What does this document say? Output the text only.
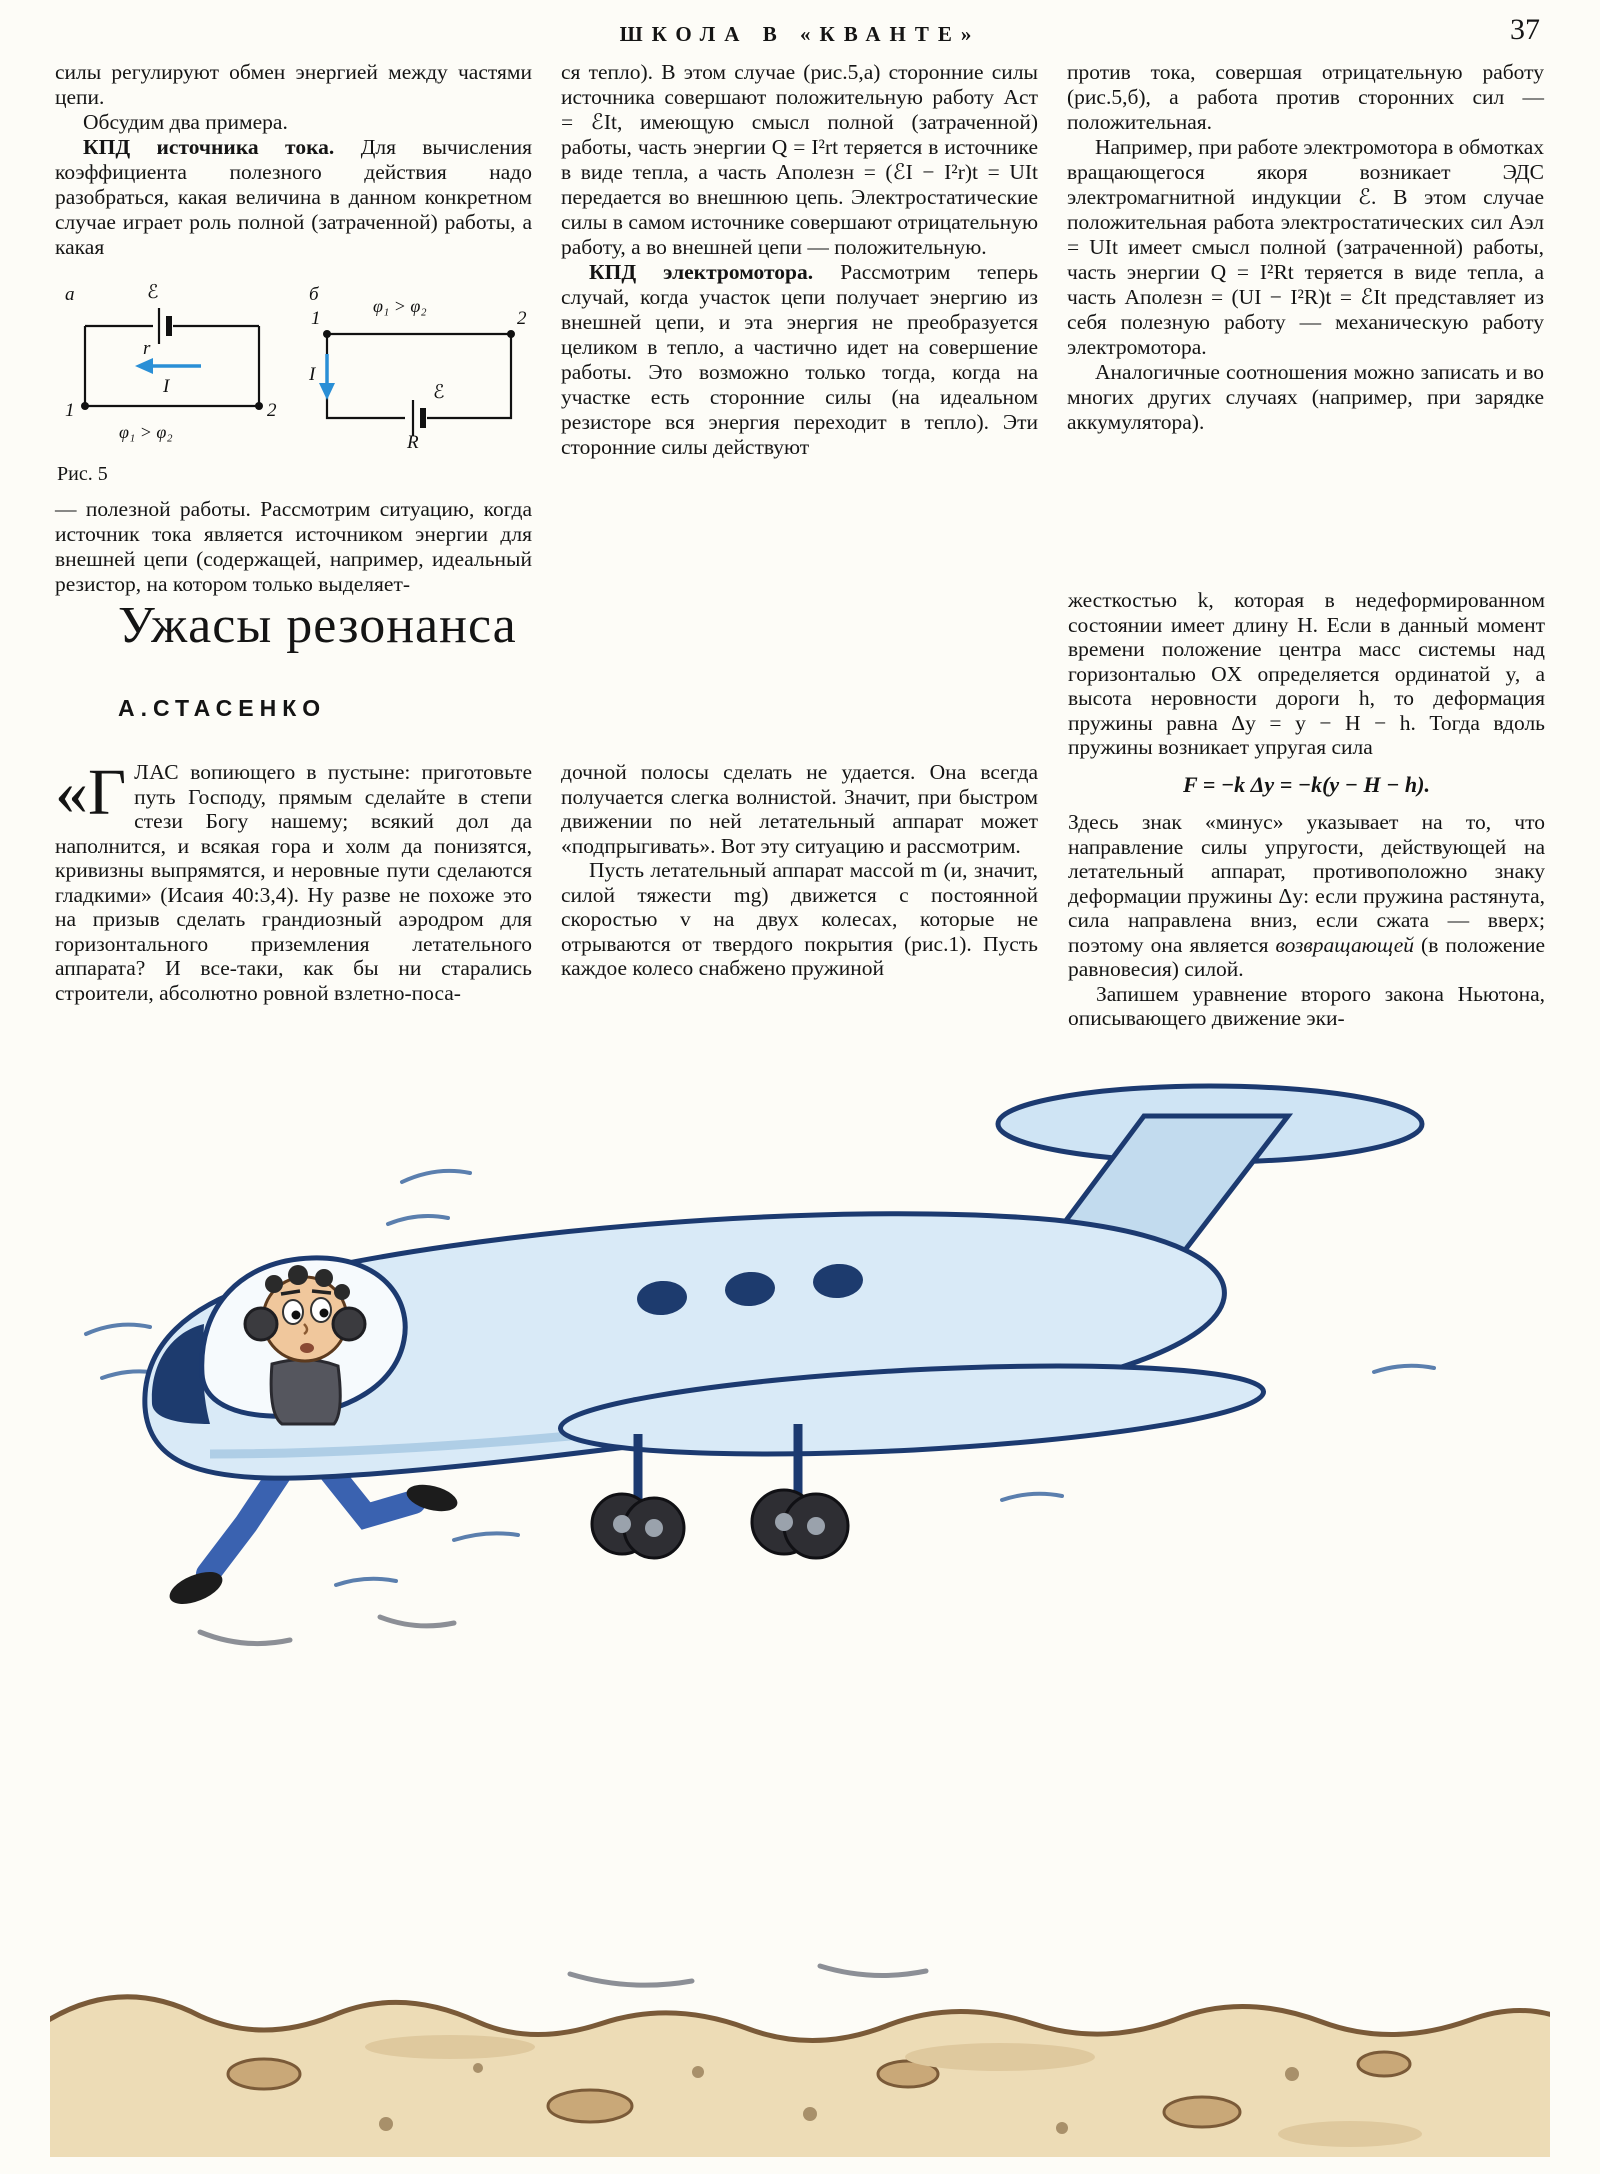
ШКОЛА В «КВАНТЕ»	37

силы регулируют обмен энергией между частями цепи.

Обсудим два примера.

КПД источника тока. Для вычисления коэффициента полезного действия надо разобраться, какая величина в данном конкретном случае играет роль полной (затраченной) работы, а какая

а	ℰ
r
I
1	2
φ₁ > φ₂
б
1	2
φ₁ > φ₂
I
ℰ
R
Рис. 5

— полезной работы. Рассмотрим ситуацию, когда источник тока является источником энергии для внешней цепи (содержащей, например, идеальный резистор, на котором только выделяет-

ся тепло). В этом случае (рис.5,а) сторонние силы источника совершают положительную работу Aст = ℰIt, имеющую смысл полной (затраченной) работы, часть энергии Q = I²rt теряется в источнике в виде тепла, а часть Aполезн = (ℰI − I²r)t = UIt передается во внешнюю цепь. Электростатические силы в самом источнике совершают отрицательную работу, а во внешней цепи — положительную.

КПД электромотора. Рассмотрим теперь случай, когда участок цепи получает энергию из внешней цепи, и эта энергия не преобразуется целиком в тепло, а частично идет на совершение работы. Это возможно только тогда, когда на участке есть сторонние силы (на идеальном резисторе вся энергия переходит в тепло). Эти сторонние силы действуют

против тока, совершая отрицательную работу (рис.5,б), а работа против сторонних сил — положительная.

Например, при работе электромотора в обмотках вращающегося якоря возникает ЭДС электромагнитной индукции ℰ. В этом случае положительная работа электростатических сил Aэл = UIt имеет смысл полной (затраченной) работы, часть энергии Q = I²Rt теряется в виде тепла, а часть Aполезн = (UI − I²R)t = ℰIt представляет из себя полезную работу — механическую работу электромотора.

Аналогичные соотношения можно записать и во многих других случаях (например, при зарядке аккумулятора).

Ужасы резонанса
А.СТАСЕНКО

«ГЛАС вопиющего в пустыне: приготовьте путь Господу, прямым сделайте в степи стези Богу нашему; всякий дол да наполнится, и всякая гора и холм да понизятся, кривизны выпрямятся, и неровные пути сделаются гладкими» (Исаия 40:3,4). Ну разве не похоже это на призыв сделать грандиозный аэродром для горизонтального приземления летательного аппарата? И все-таки, как бы ни старались строители, абсолютно ровной взлетно-поса-

дочной полосы сделать не удается. Она всегда получается слегка волнистой. Значит, при быстром движении по ней летательный аппарат может «подпрыгивать». Вот эту ситуацию и рассмотрим.

Пусть летательный аппарат массой m (и, значит, силой тяжести mg) движется с постоянной скоростью v на двух колесах, которые не отрываются от твердого покрытия (рис.1). Пусть каждое колесо снабжено пружиной

жесткостью k, которая в недеформированном состоянии имеет длину H. Если в данный момент времени положение центра масс системы над горизонталью OX определяется ординатой y, а высота неровности дороги h, то деформация пружины равна Δy = y − H − h. Тогда вдоль пружины возникает упругая сила

F = −k Δy = −k(y − H − h).

Здесь знак «минус» указывает на то, что направление силы упругости, действующей на летательный аппарат, противоположно знаку деформации пружины Δy: если пружина растянута, сила направлена вниз, если сжата — вверх; поэтому она является возвращающей (в положение равновесия) силой.

Запишем уравнение второго закона Ньютона, описывающего движение эки-
